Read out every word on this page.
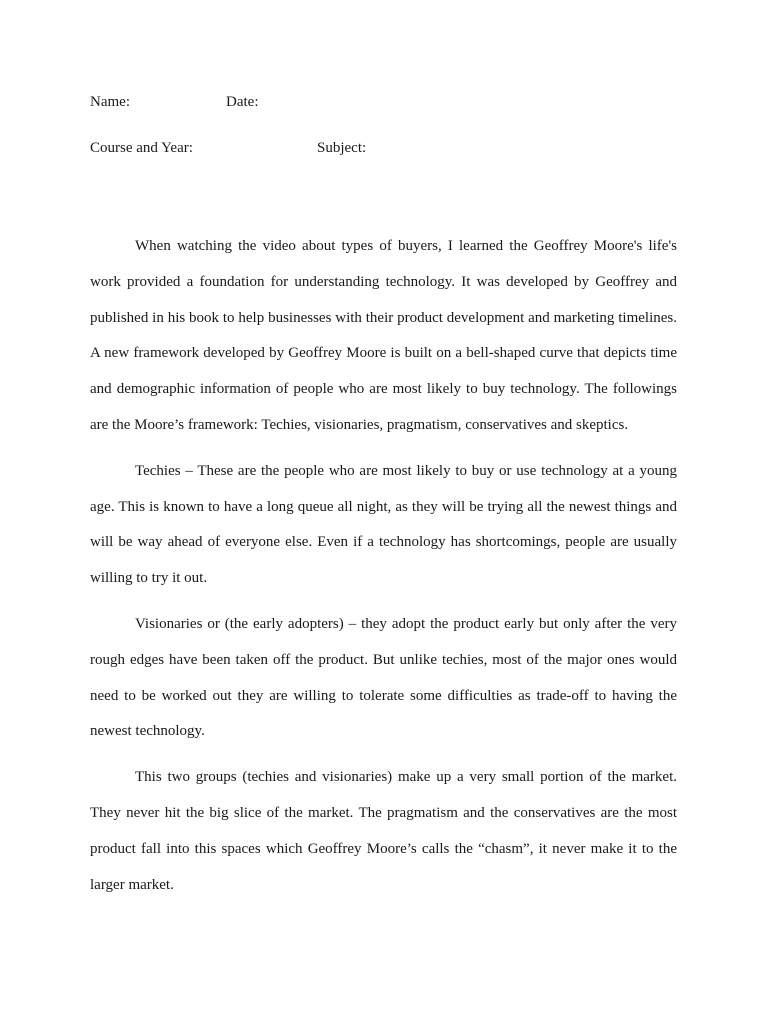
Name:	Date:
Course and Year:	Subject:

When watching the video about types of buyers, I learned the Geoffrey Moore's life's work provided a foundation for understanding technology. It was developed by Geoffrey and published in his book to help businesses with their product development and marketing timelines. A new framework developed by Geoffrey Moore is built on a bell-shaped curve that depicts time and demographic information of people who are most likely to buy technology. The followings are the Moore’s framework: Techies, visionaries, pragmatism, conservatives and skeptics.

Techies – These are the people who are most likely to buy or use technology at a young age. This is known to have a long queue all night, as they will be trying all the newest things and will be way ahead of everyone else. Even if a technology has shortcomings, people are usually willing to try it out.

Visionaries or (the early adopters) – they adopt the product early but only after the very rough edges have been taken off the product. But unlike techies, most of the major ones would need to be worked out they are willing to tolerate some difficulties as trade-off to having the newest technology.

This two groups (techies and visionaries) make up a very small portion of the market. They never hit the big slice of the market. The pragmatism and the conservatives are the most product fall into this spaces which Geoffrey Moore’s calls the “chasm”, it never make it to the larger market.
